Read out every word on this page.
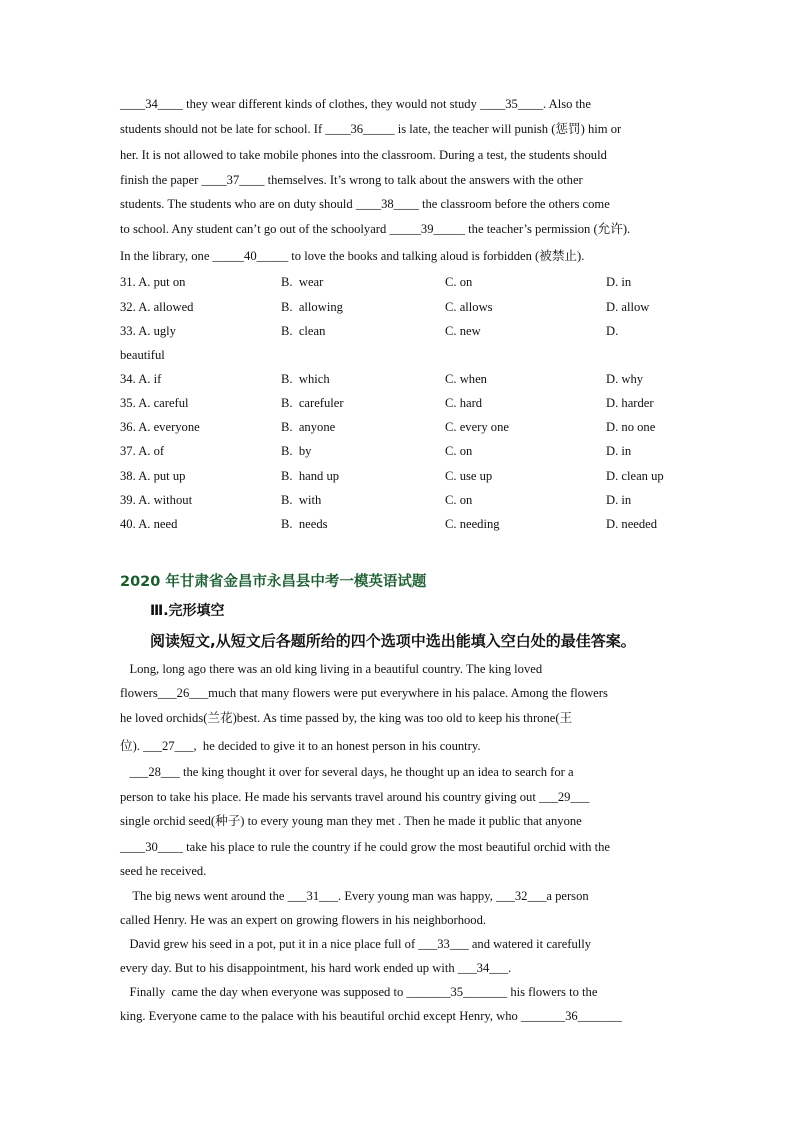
____34____ they wear different kinds of clothes, they would not study ____35____. Also the
students should not be late for school. If ____36_____ is late, the teacher will punish (惩罚) him or
her. It is not allowed to take mobile phones into the classroom. During a test, the students should
finish the paper ____37____ themselves. It’s wrong to talk about the answers with the other
students. The students who are on duty should ____38____ the classroom before the others come
to school. Any student can’t go out of the schoolyard _____39_____ the teacher’s permission (允许).
In the library, one _____40_____ to love the books and talking aloud is forbidden (被禁止).
31. A. put on	B.  wear	C. on	D. in
32. A. allowed	B.  allowing	C. allows	D. allow
33. A. ugly	B.  clean	C. new	D.
beautiful
34. A. if	B.  which	C. when	D. why
35. A. careful	B.  carefuler	C. hard	D. harder
36. A. everyone	B.  anyone	C. every one	D. no one
37. A. of	B.  by	C. on	D. in
38. A. put up	B.  hand up	C. use up	D. clean up
39. A. without	B.  with	C. on	D. in
40. A. need	B.  needs	C. needing	D. needed
2020 年甘肃省金昌市永昌县中考一模英语试题
Ⅲ.完形填空
阅读短文,从短文后各题所给的四个选项中选出能填入空白处的最佳答案。
Long, long ago there was an old king living in a beautiful country. The king loved
flowers___26___much that many flowers were put everywhere in his palace. Among the flowers
he loved orchids(兰花)best. As time passed by, the king was too old to keep his throne(王
位). ___27___,  he decided to give it to an honest person in his country.
___28___ the king thought it over for several days, he thought up an idea to search for a
person to take his place. He made his servants travel around his country giving out ___29___
single orchid seed(种子) to every young man they met . Then he made it public that anyone
____30____ take his place to rule the country if he could grow the most beautiful orchid with the
seed he received.
The big news went around the ___31___. Every young man was happy, ___32___a person
called Henry. He was an expert on growing flowers in his neighborhood.
David grew his seed in a pot, put it in a nice place full of ___33___ and watered it carefully
every day. But to his disappointment, his hard work ended up with ___34___.
Finally  came the day when everyone was supposed to _______35_______ his flowers to the
king. Everyone came to the palace with his beautiful orchid except Henry, who _______36_______
